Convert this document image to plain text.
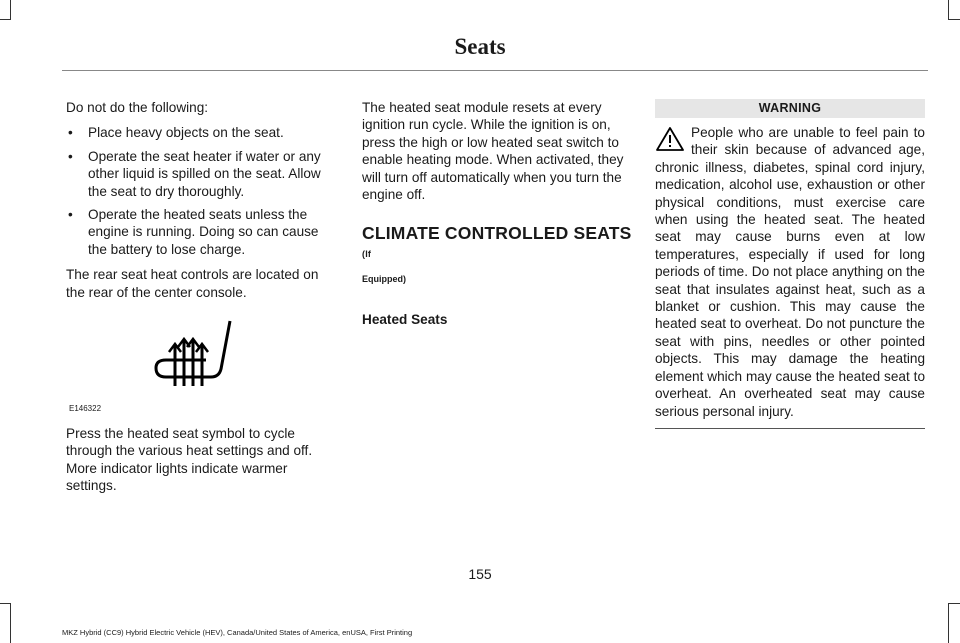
Seats

Do not do the following:

• Place heavy objects on the seat.
• Operate the seat heater if water or any other liquid is spilled on the seat. Allow the seat to dry thoroughly.
• Operate the heated seats unless the engine is running. Doing so can cause the battery to lose charge.

The rear seat heat controls are located on the rear of the center console.

E146322

Press the heated seat symbol to cycle through the various heat settings and off. More indicator lights indicate warmer settings.

The heated seat module resets at every ignition run cycle. While the ignition is on, press the high or low heated seat switch to enable heating mode. When activated, they will turn off automatically when you turn the engine off.

CLIMATE CONTROLLED SEATS (If
Equipped)
Heated Seats
WARNING
People who are unable to feel pain to their skin because of advanced age, chronic illness, diabetes, spinal cord injury, medication, alcohol use, exhaustion or other physical conditions, must exercise care when using the heated seat. The heated seat may cause burns even at low temperatures, especially if used for long periods of time. Do not place anything on the seat that insulates against heat, such as a blanket or cushion. This may cause the heated seat to overheat. Do not puncture the seat with pins, needles or other pointed objects. This may damage the heating element which may cause the heated seat to overheat. An overheated seat may cause serious personal injury.
155
MKZ Hybrid (CC9) Hybrid Electric Vehicle (HEV), Canada/United States of America, enUSA, First Printing
